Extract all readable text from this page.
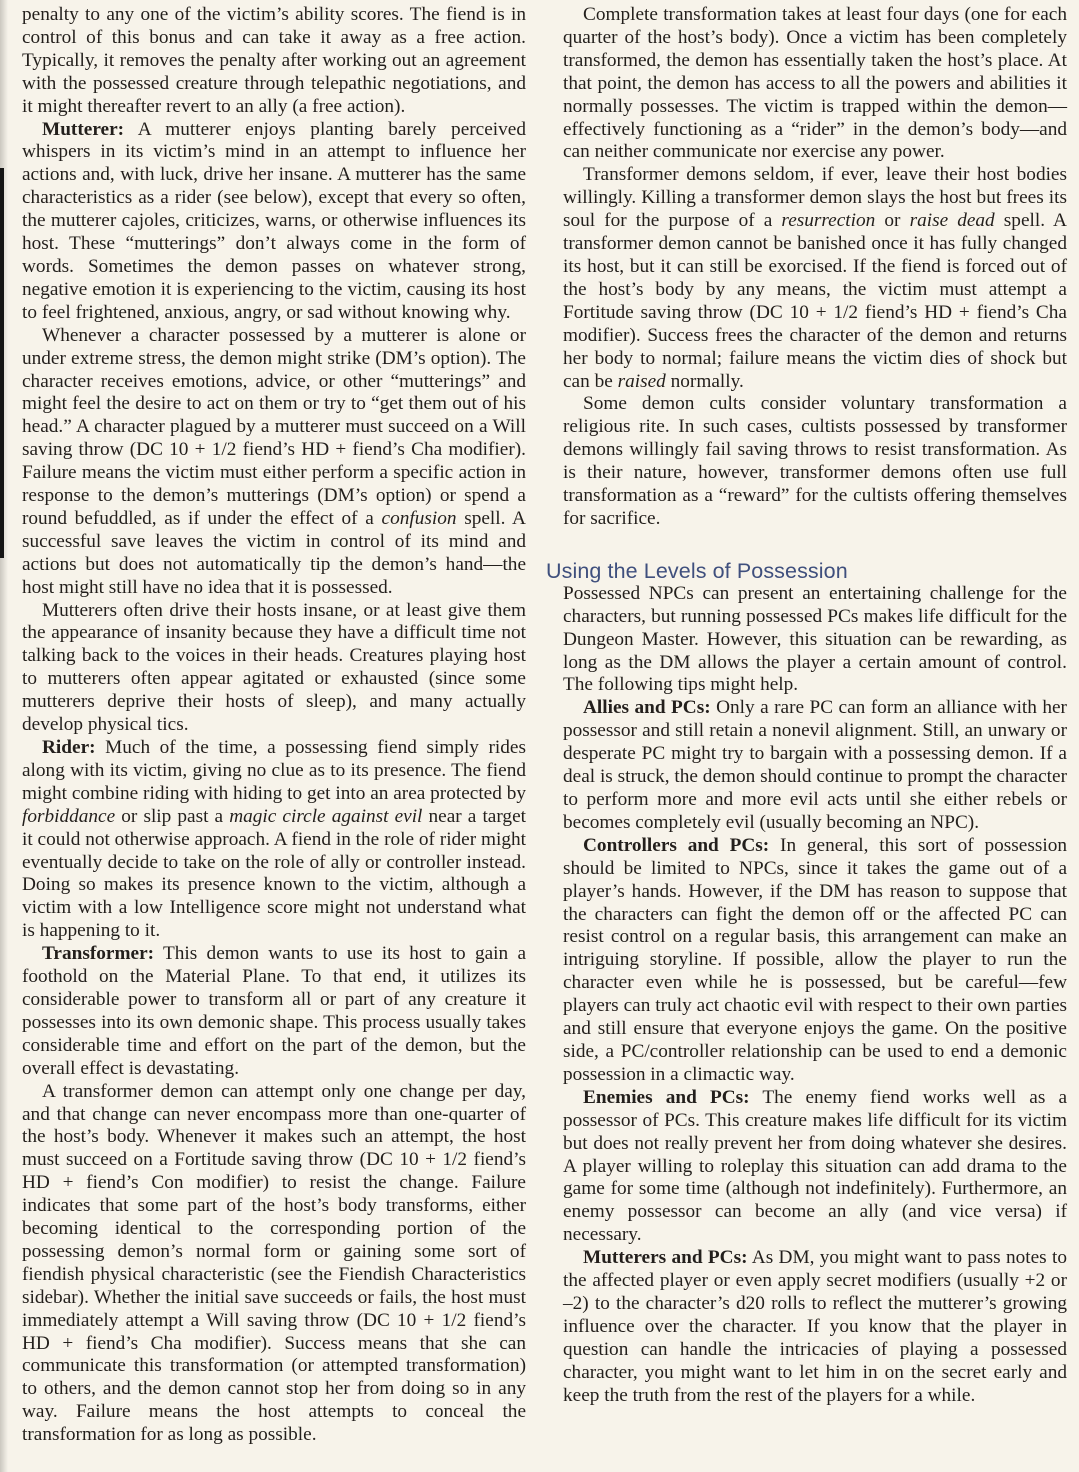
penalty to any one of the victim’s ability scores. The fiend is in control of this bonus and can take it away as a free action. Typically, it removes the penalty after working out an agreement with the possessed creature through telepathic negotiations, and it might thereafter revert to an ally (a free action).

Mutterer: A mutterer enjoys planting barely perceived whispers in its victim’s mind in an attempt to influence her actions and, with luck, drive her insane. A mutterer has the same characteristics as a rider (see below), except that every so often, the mutterer cajoles, criticizes, warns, or otherwise influences its host. These “mutterings” don’t always come in the form of words. Sometimes the demon passes on whatever strong, negative emotion it is experiencing to the victim, causing its host to feel frightened, anxious, angry, or sad without knowing why.

Whenever a character possessed by a mutterer is alone or under extreme stress, the demon might strike (DM’s option). The character receives emotions, advice, or other “mutterings” and might feel the desire to act on them or try to “get them out of his head.” A character plagued by a mutterer must succeed on a Will saving throw (DC 10 + 1/2 fiend’s HD + fiend’s Cha modifier). Failure means the victim must either perform a specific action in response to the demon’s mutterings (DM’s option) or spend a round befuddled, as if under the effect of a confusion spell. A successful save leaves the victim in control of its mind and actions but does not automatically tip the demon’s hand—the host might still have no idea that it is possessed.

Mutterers often drive their hosts insane, or at least give them the appearance of insanity because they have a difficult time not talking back to the voices in their heads. Creatures playing host to mutterers often appear agitated or exhausted (since some mutterers deprive their hosts of sleep), and many actually develop physical tics.

Rider: Much of the time, a possessing fiend simply rides along with its victim, giving no clue as to its presence. The fiend might combine riding with hiding to get into an area protected by forbiddance or slip past a magic circle against evil near a target it could not otherwise approach. A fiend in the role of rider might eventually decide to take on the role of ally or controller instead. Doing so makes its presence known to the victim, although a victim with a low Intelligence score might not understand what is happening to it.

Transformer: This demon wants to use its host to gain a foothold on the Material Plane. To that end, it utilizes its considerable power to transform all or part of any creature it possesses into its own demonic shape. This process usually takes considerable time and effort on the part of the demon, but the overall effect is devastating.

A transformer demon can attempt only one change per day, and that change can never encompass more than one-quarter of the host’s body. Whenever it makes such an attempt, the host must succeed on a Fortitude saving throw (DC 10 + 1/2 fiend’s HD + fiend’s Con modifier) to resist the change. Failure indicates that some part of the host’s body transforms, either becoming identical to the corresponding portion of the possessing demon’s normal form or gaining some sort of fiendish physical characteristic (see the Fiendish Characteristics sidebar). Whether the initial save succeeds or fails, the host must immediately attempt a Will saving throw (DC 10 + 1/2 fiend’s HD + fiend’s Cha modifier). Success means that she can communicate this transformation (or attempted transformation) to others, and the demon cannot stop her from doing so in any way. Failure means the host attempts to conceal the transformation for as long as possible.

Complete transformation takes at least four days (one for each quarter of the host’s body). Once a victim has been completely transformed, the demon has essentially taken the host’s place. At that point, the demon has access to all the powers and abilities it normally possesses. The victim is trapped within the demon—effectively functioning as a “rider” in the demon’s body—and can neither communicate nor exercise any power.

Transformer demons seldom, if ever, leave their host bodies willingly. Killing a transformer demon slays the host but frees its soul for the purpose of a resurrection or raise dead spell. A transformer demon cannot be banished once it has fully changed its host, but it can still be exorcised. If the fiend is forced out of the host’s body by any means, the victim must attempt a Fortitude saving throw (DC 10 + 1/2 fiend’s HD + fiend’s Cha modifier). Success frees the character of the demon and returns her body to normal; failure means the victim dies of shock but can be raised normally.

Some demon cults consider voluntary transformation a religious rite. In such cases, cultists possessed by transformer demons willingly fail saving throws to resist transformation. As is their nature, however, transformer demons often use full transformation as a “reward” for the cultists offering themselves for sacrifice.

Using the Levels of Possession

Possessed NPCs can present an entertaining challenge for the characters, but running possessed PCs makes life difficult for the Dungeon Master. However, this situation can be rewarding, as long as the DM allows the player a certain amount of control. The following tips might help.

Allies and PCs: Only a rare PC can form an alliance with her possessor and still retain a nonevil alignment. Still, an unwary or desperate PC might try to bargain with a possessing demon. If a deal is struck, the demon should continue to prompt the character to perform more and more evil acts until she either rebels or becomes completely evil (usually becoming an NPC).

Controllers and PCs: In general, this sort of possession should be limited to NPCs, since it takes the game out of a player’s hands. However, if the DM has reason to suppose that the characters can fight the demon off or the affected PC can resist control on a regular basis, this arrangement can make an intriguing storyline. If possible, allow the player to run the character even while he is possessed, but be careful—few players can truly act chaotic evil with respect to their own parties and still ensure that everyone enjoys the game. On the positive side, a PC/controller relationship can be used to end a demonic possession in a climactic way.

Enemies and PCs: The enemy fiend works well as a possessor of PCs. This creature makes life difficult for its victim but does not really prevent her from doing whatever she desires. A player willing to roleplay this situation can add drama to the game for some time (although not indefinitely). Furthermore, an enemy possessor can become an ally (and vice versa) if necessary.

Mutterers and PCs: As DM, you might want to pass notes to the affected player or even apply secret modifiers (usually +2 or –2) to the character’s d20 rolls to reflect the mutterer’s growing influence over the character. If you know that the player in question can handle the intricacies of playing a possessed character, you might want to let him in on the secret early and keep the truth from the rest of the players for a while.
